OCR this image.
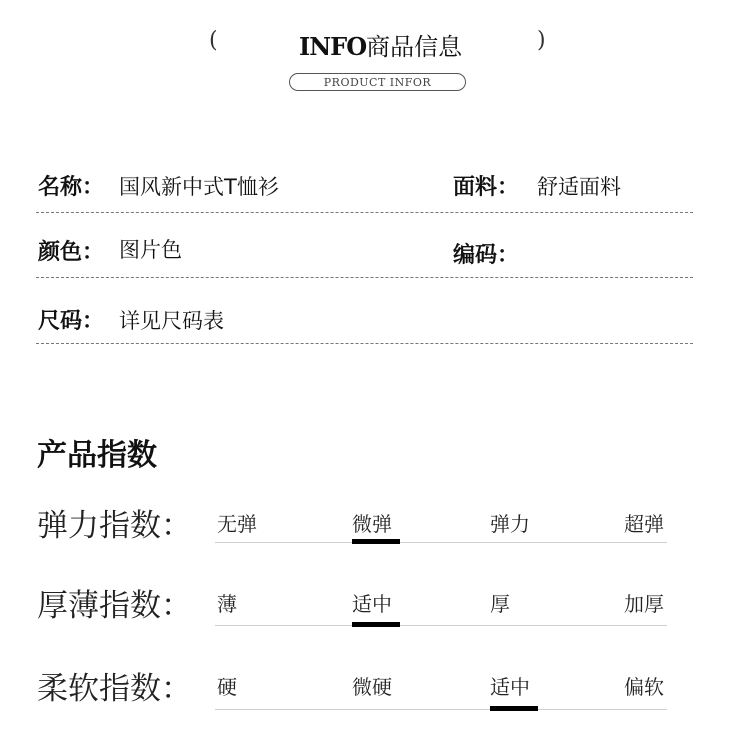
(	INFO商品信息	)
PRODUCT INFOR
名称： 国风新中式T恤衫	面料： 舒适面料
颜色： 图片色	编码：
尺码： 详见尺码表
产品指数
弹力指数： 无弹	微弹	弹力	超弹
厚薄指数： 薄	适中	厚	加厚
柔软指数： 硬	微硬	适中	偏软
